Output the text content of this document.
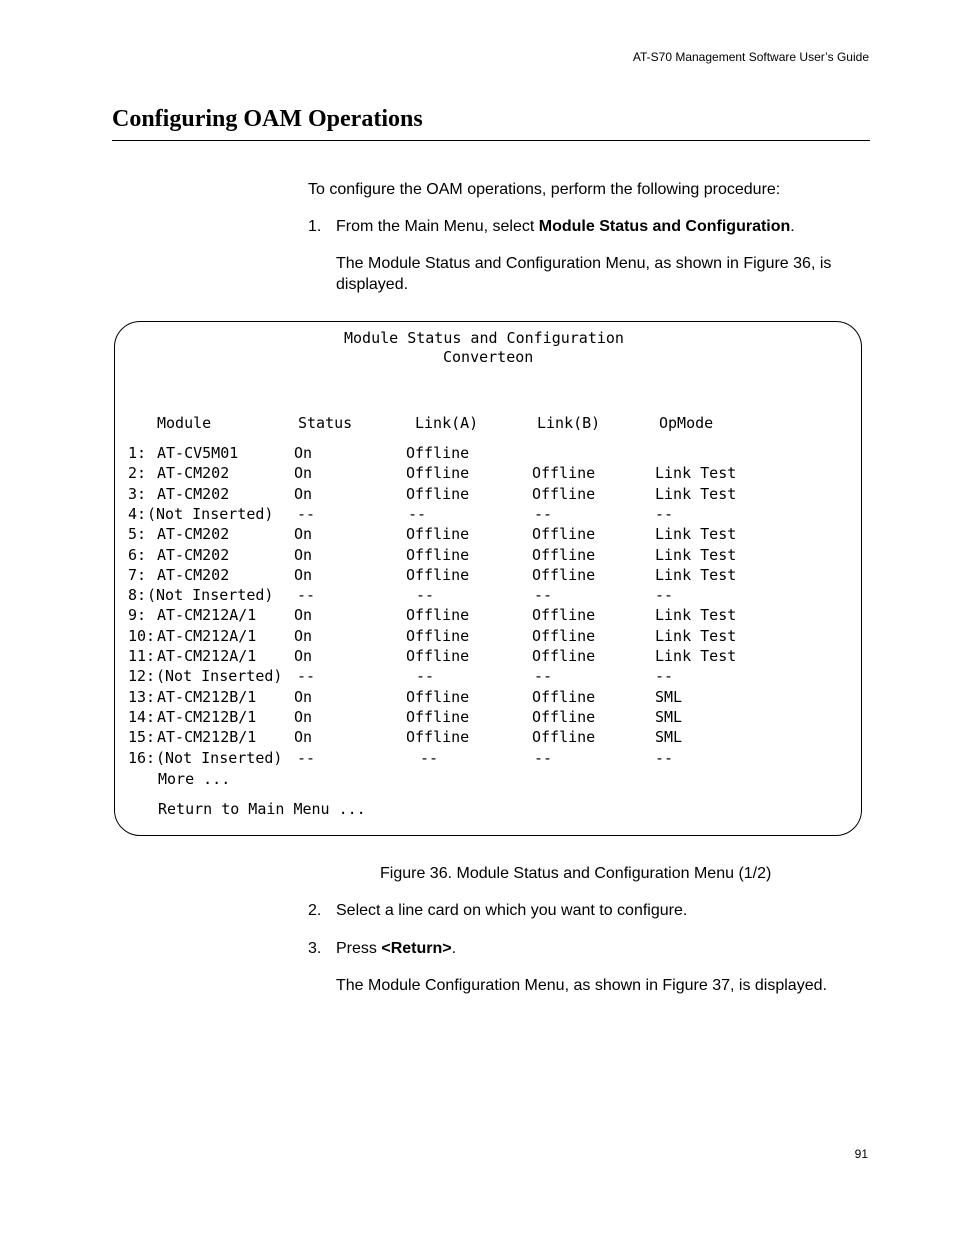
AT-S70 Management Software User’s Guide
Configuring OAM Operations
To configure the OAM operations, perform the following procedure:
1. From the Main Menu, select Module Status and Configuration.
The Module Status and Configuration Menu, as shown in Figure 36, is displayed.
Module Status and Configuration
Converteon
Module	Status	Link(A)	Link(B)	OpMode
1: AT-CV5M01	On	Offline
2: AT-CM202	On	Offline	Offline	Link Test
3: AT-CM202	On	Offline	Offline	Link Test
4: (Not Inserted) --	--	--	--
5: AT-CM202	On	Offline	Offline	Link Test
6: AT-CM202	On	Offline	Offline	Link Test
7: AT-CM202	On	Offline	Offline	Link Test
8: (Not Inserted) --	--	--	--
9: AT-CM212A/1	On	Offline	Offline	Link Test
10: AT-CM212A/1	On	Offline	Offline	Link Test
11: AT-CM212A/1	On	Offline	Offline	Link Test
12: (Not Inserted) --	--	--	--
13: AT-CM212B/1	On	Offline	Offline	SML
14: AT-CM212B/1	On	Offline	Offline	SML
15: AT-CM212B/1	On	Offline	Offline	SML
16: (Not Inserted) --	--	--	--
More ...
Return to Main Menu ...
Figure 36. Module Status and Configuration Menu (1/2)
2. Select a line card on which you want to configure.
3. Press <Return>.
The Module Configuration Menu, as shown in Figure 37, is displayed.
91
